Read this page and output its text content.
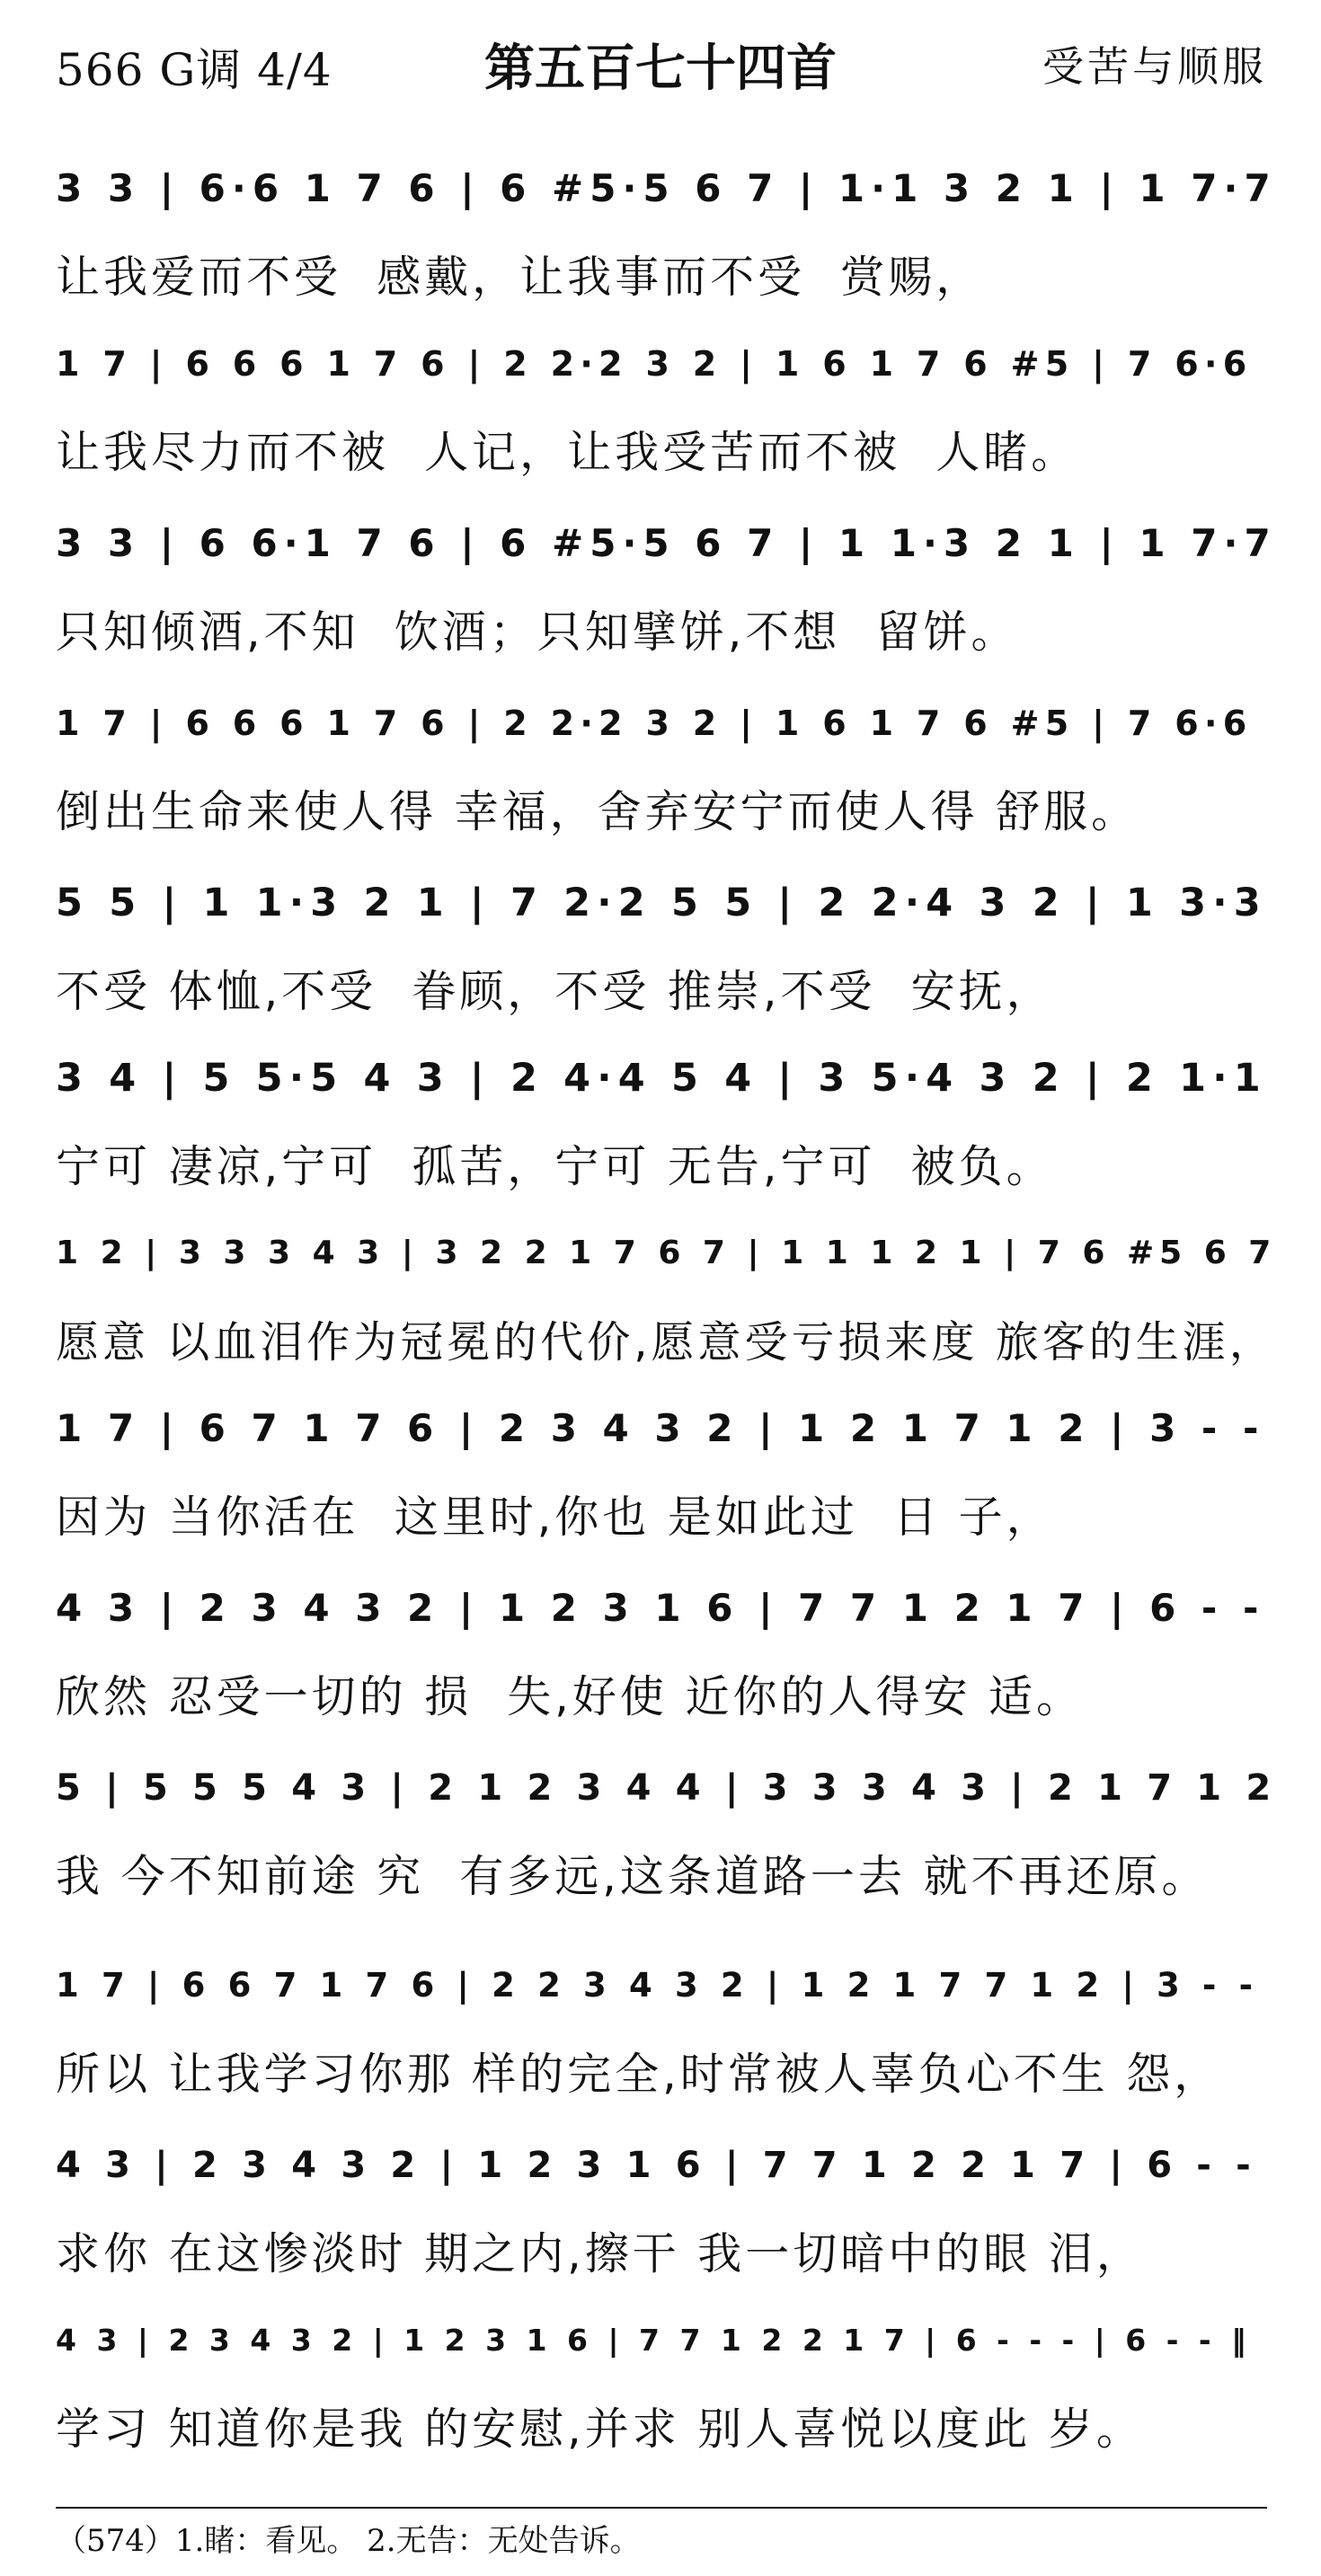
566 G调 4/4	第五百七十四首	受苦与顺服
3 3 | 6·6 1 7 6 | 6 #5·5 6 7 | 1·1 3 2 1 | 1 7·7
让我爱而不受  感戴，让我事而不受  赏赐，
1 7 | 6 6 6 1 7 6 | 2 2·2 3 2 | 1 6 1 7 6 #5 | 7 6·6
让我尽力而不被  人记，让我受苦而不被  人睹。
3 3 | 6 6·1 7 6 | 6 #5·5 6 7 | 1 1·3 2 1 | 1 7·7
只知倾酒,不知  饮酒；只知擘饼,不想  留饼。
1 7 | 6 6 6 1 7 6 | 2 2·2 3 2 | 1 6 1 7 6 #5 | 7 6·6
倒出生命来使人得 幸福，舍弃安宁而使人得 舒服。
5 5 | 1 1·3 2 1 | 7 2·2 5 5 | 2 2·4 3 2 | 1 3·3
不受 体恤,不受  眷顾，不受 推崇,不受  安抚，
3 4 | 5 5·5 4 3 | 2 4·4 5 4 | 3 5·4 3 2 | 2 1·1
宁可 凄凉,宁可  孤苦，宁可 无告,宁可  被负。
1 2 | 3 3 3 4 3 | 3 2 2 1 7 6 7 | 1 1 1 2 1 | 7 6 #5 6 7
愿意 以血泪作为冠冕的代价,愿意受亏损来度 旅客的生涯，
1 7 | 6 7 1 7 6 | 2 3 4 3 2 | 1 2 1 7 1 2 | 3 - -
因为 当你活在  这里时,你也 是如此过  日 子，
4 3 | 2 3 4 3 2 | 1 2 3 1 6 | 7 7 1 2 1 7 | 6 - -
欣然 忍受一切的 损  失,好使 近你的人得安 适。
5 | 5 5 5 4 3 | 2 1 2 3 4 4 | 3 3 3 4 3 | 2 1 7 1 2
我 今不知前途 究  有多远,这条道路一去 就不再还原。
1 7 | 6 6 7 1 7 6 | 2 2 3 4 3 2 | 1 2 1 7 7 1 2 | 3 - -
所以 让我学习你那 样的完全,时常被人辜负心不生 怨，
4 3 | 2 3 4 3 2 | 1 2 3 1 6 | 7 7 1 2 2 1 7 | 6 - -
求你 在这惨淡时 期之内,擦干 我一切暗中的眼 泪，
4 3 | 2 3 4 3 2 | 1 2 3 1 6 | 7 7 1 2 2 1 7 | 6 - - - | 6 - - ‖
学习 知道你是我 的安慰,并求 别人喜悦以度此 岁。
（574）1.睹：看见。 2.无告：无处告诉。
